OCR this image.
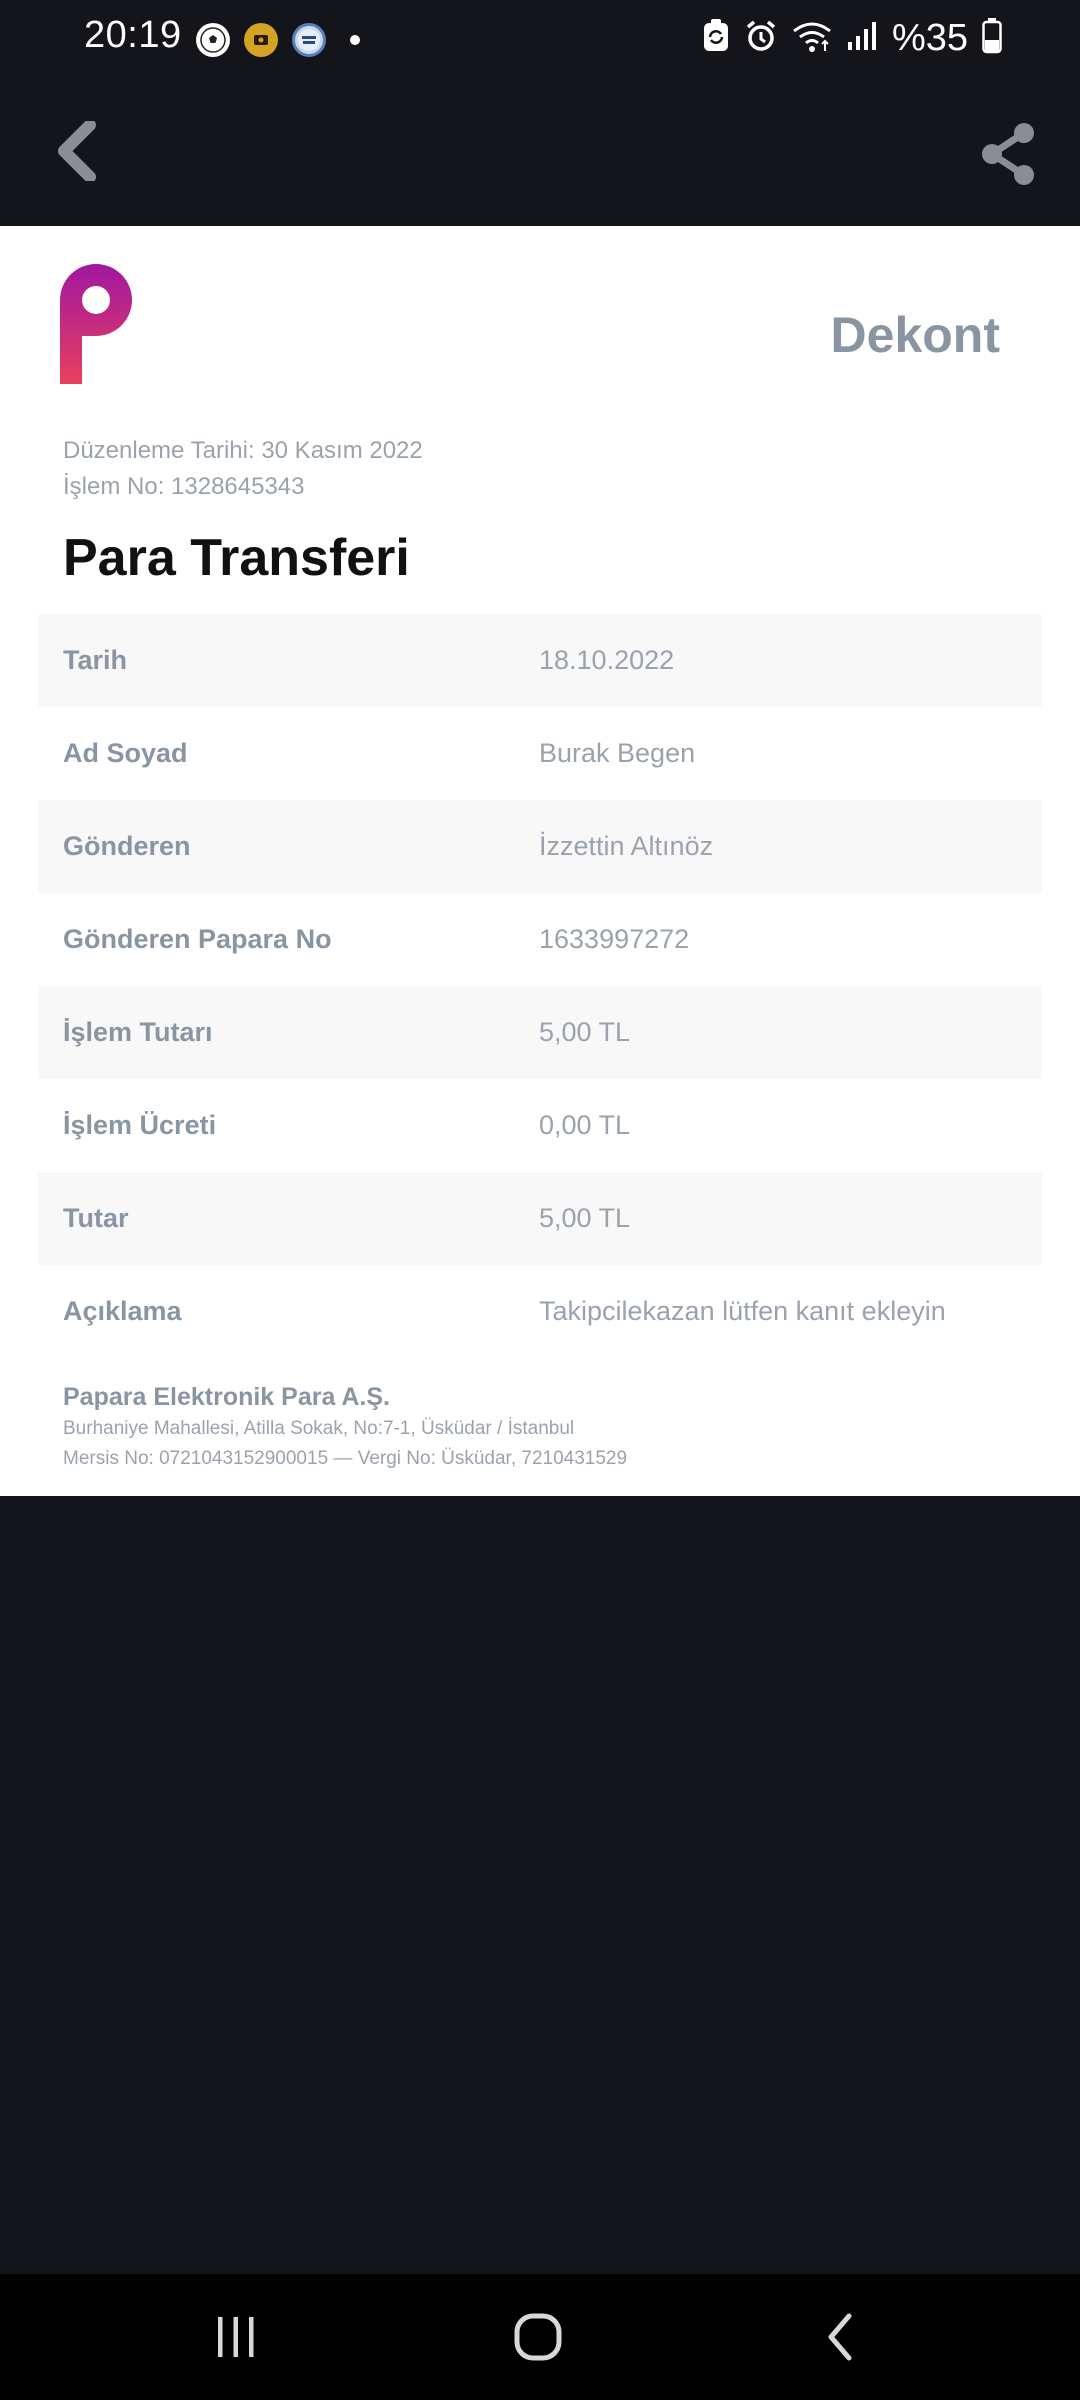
20:19	%35
Dekont
Düzenleme Tarihi: 30 Kasım 2022
İşlem No: 1328645343
Para Transferi
Tarih	18.10.2022
Ad Soyad	Burak Begen
Gönderen	İzzettin Altınöz
Gönderen Papara No	1633997272
İşlem Tutarı	5,00 TL
İşlem Ücreti	0,00 TL
Tutar	5,00 TL
Açıklama	Takipcilekazan lütfen kanıt ekleyin
Papara Elektronik Para A.Ş.
Burhaniye Mahallesi, Atilla Sokak, No:7-1, Üsküdar / İstanbul
Mersis No: 0721043152900015 — Vergi No: Üsküdar, 7210431529
